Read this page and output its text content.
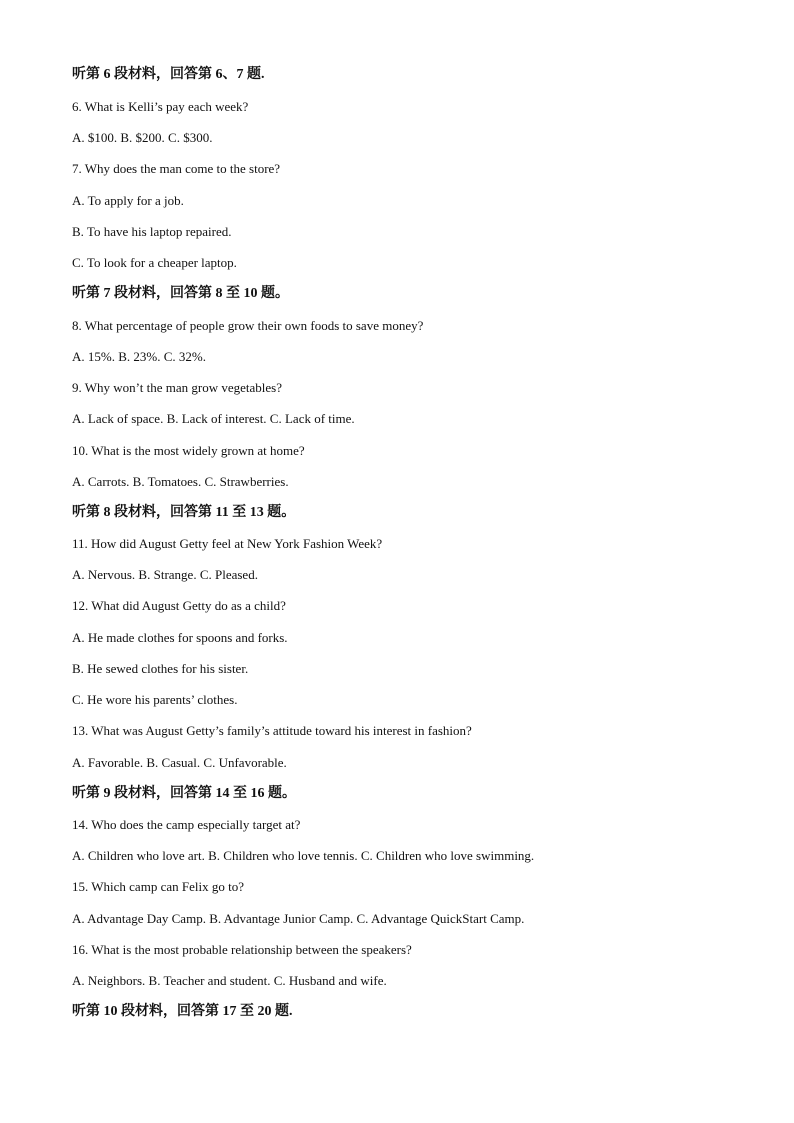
听第 6 段材料，回答第 6、7 题.
6. What is Kelli’s pay each week?
A. $100. B. $200. C. $300.
7. Why does the man come to the store?
A. To apply for a job.
B. To have his laptop repaired.
C. To look for a cheaper laptop.
听第 7 段材料，回答第 8 至 10 题。
8. What percentage of people grow their own foods to save money?
A. 15%. B. 23%. C. 32%.
9. Why won’t the man grow vegetables?
A. Lack of space. B. Lack of interest. C. Lack of time.
10. What is the most widely grown at home?
A. Carrots. B. Tomatoes. C. Strawberries.
听第 8 段材料，回答第 11 至 13 题。
11. How did August Getty feel at New York Fashion Week?
A. Nervous. B. Strange. C. Pleased.
12. What did August Getty do as a child?
A. He made clothes for spoons and forks.
B. He sewed clothes for his sister.
C. He wore his parents’ clothes.
13. What was August Getty’s family’s attitude toward his interest in fashion?
A. Favorable. B. Casual. C. Unfavorable.
听第 9 段材料，回答第 14 至 16 题。
14. Who does the camp especially target at?
A. Children who love art. B. Children who love tennis. C. Children who love swimming.
15. Which camp can Felix go to?
A. Advantage Day Camp. B. Advantage Junior Camp. C. Advantage QuickStart Camp.
16. What is the most probable relationship between the speakers?
A. Neighbors. B. Teacher and student. C. Husband and wife.
听第 10 段材料，回答第 17 至 20 题.
